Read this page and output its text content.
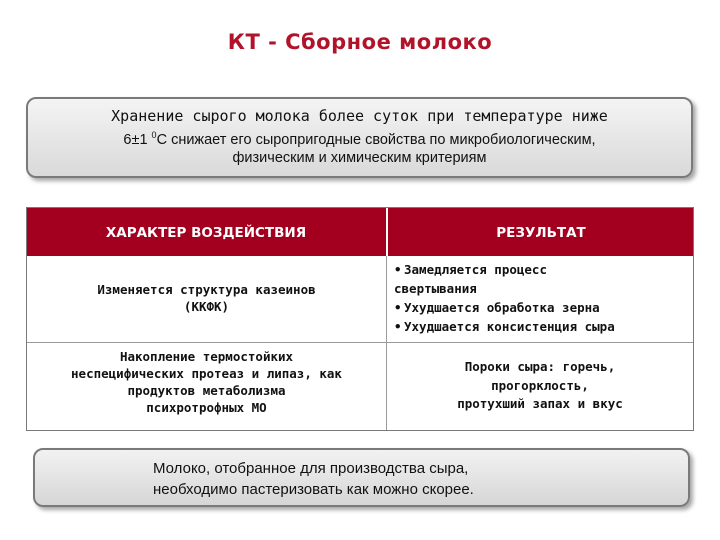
КТ - Сборное молоко
Хранение сырого молока более суток при температуре ниже
6±1 $^0$С снижает его сыропригодные свойства по микробиологическим,
физическим и химическим критериям
ХАРАКТЕР ВОЗДЕЙСТВИЯ	РЕЗУЛЬТАТ
Изменяется структура казеинов
(ККФК)
• Замедляется процесс
свертывания
• Ухудшается обработка зерна
• Ухудшается консистенция сыра
Накопление термостойких
неспецифических протеаз и липаз, как
продуктов метаболизма
психротрофных МО
Пороки сыра: горечь,
прогорклость,
протухший запах и вкус
Молоко, отобранное для производства сыра,
необходимо пастеризовать как можно скорее.
